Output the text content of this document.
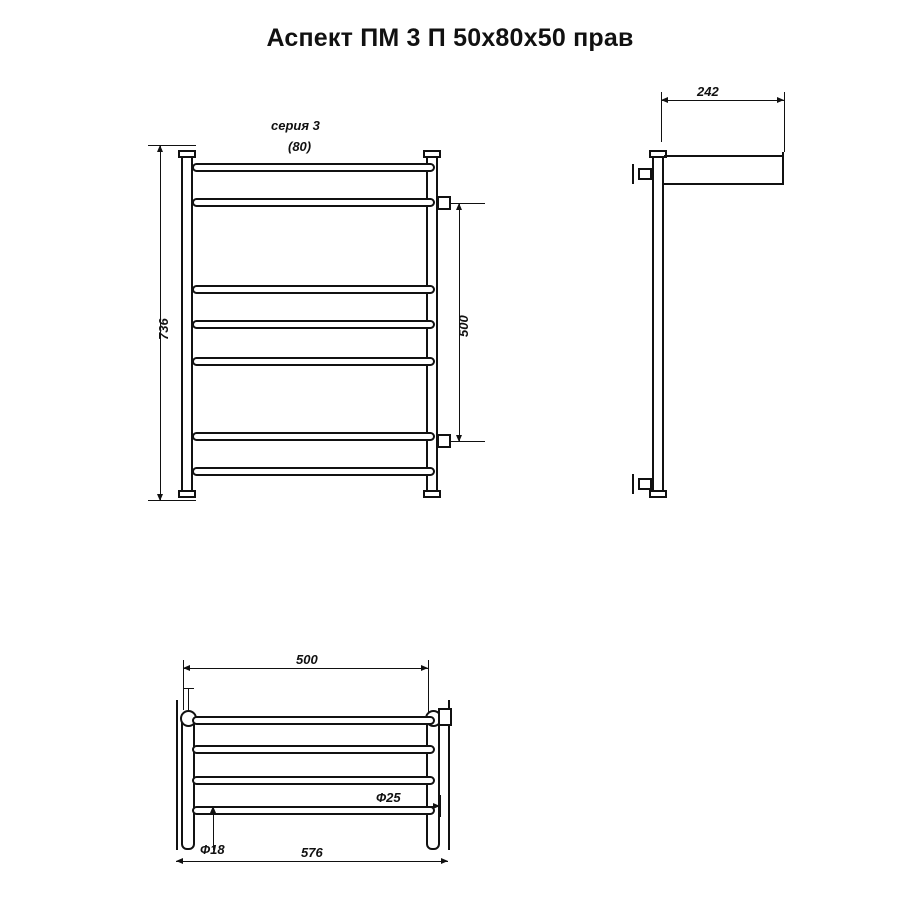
Аспект ПМ 3 П 50х80х50 прав
736
серия 3
(80)
500
242
500
Ф25
Ф18	576
